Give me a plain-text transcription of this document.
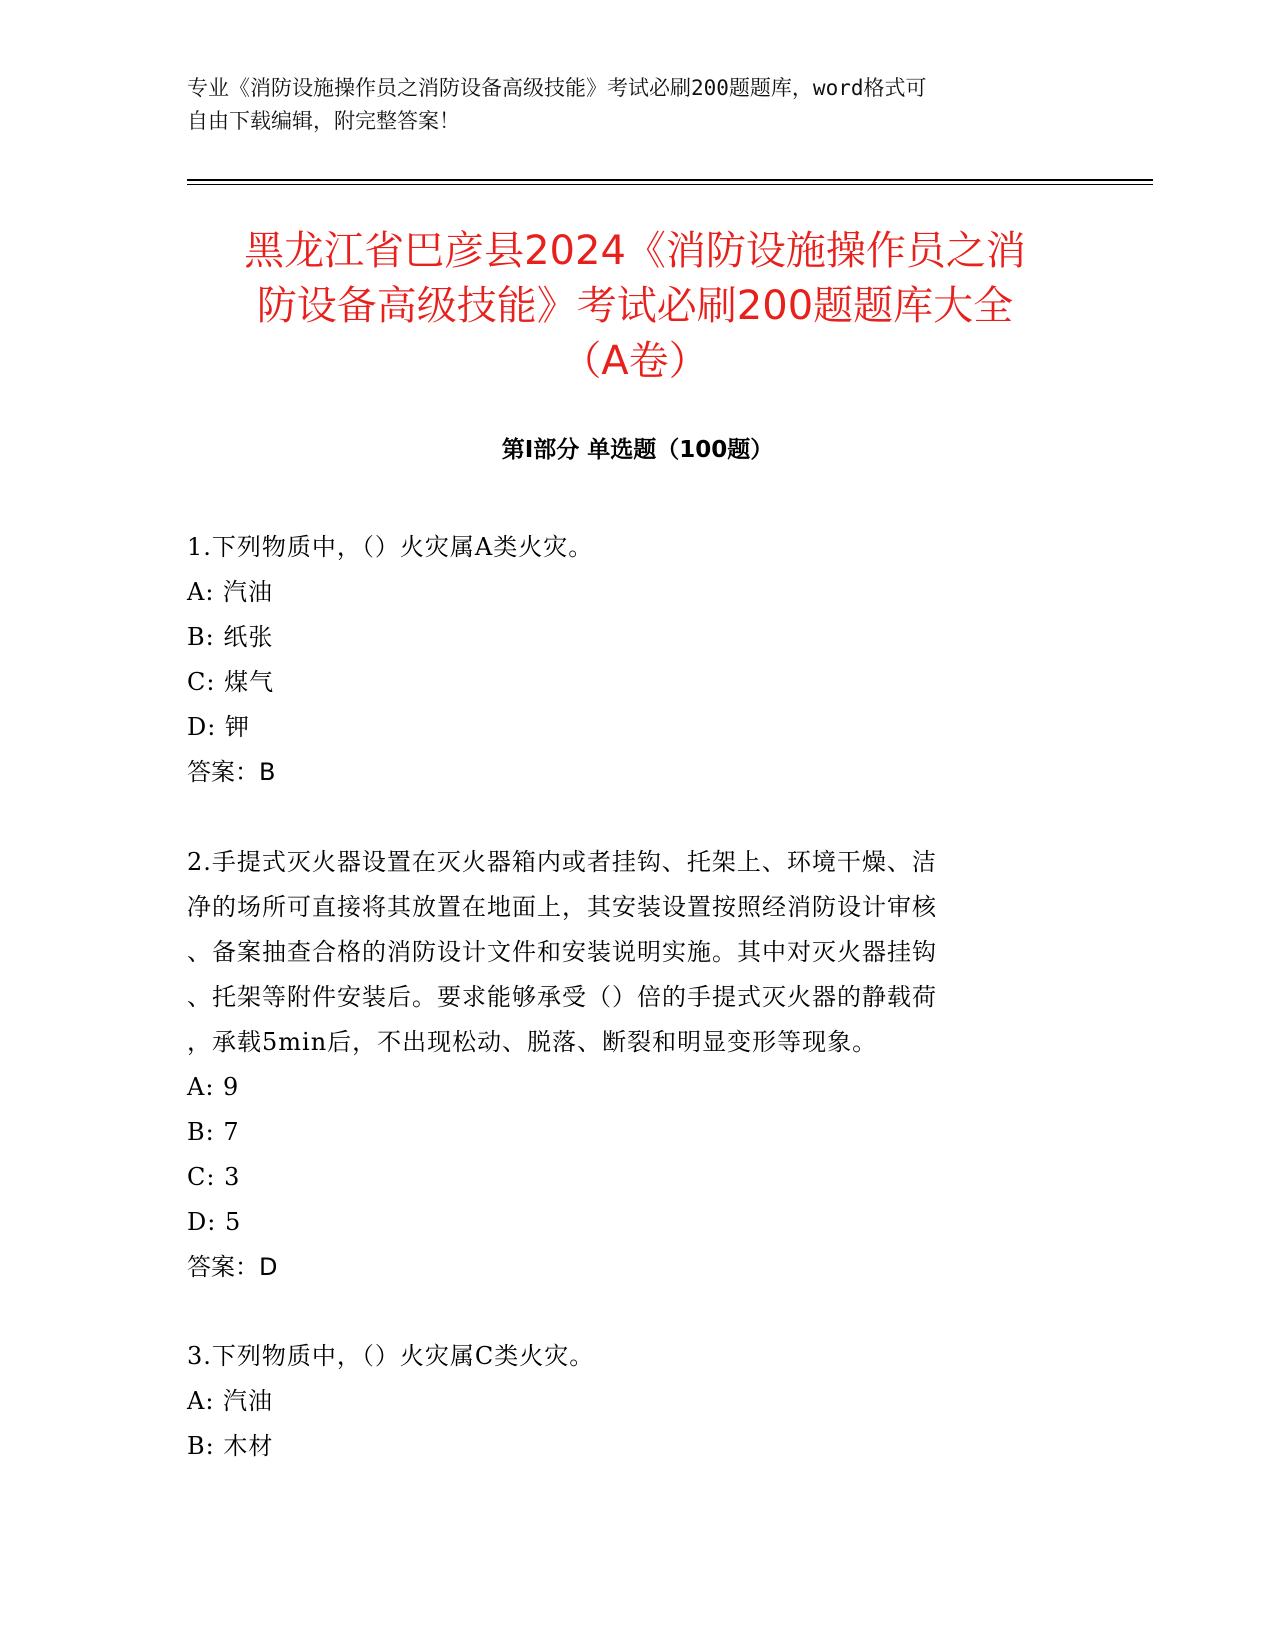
专业《消防设施操作员之消防设备高级技能》考试必刷200题题库，word格式可
自由下载编辑，附完整答案！
黑龙江省巴彦县2024《消防设施操作员之消
防设备高级技能》考试必刷200题题库大全
（A卷）
第Ⅰ部分 单选题（100题）
1.下列物质中，（）火灾属A类火灾。
A: 汽油
B: 纸张
C: 煤气
D: 钾
答案：B
2.手提式灭火器设置在灭火器箱内或者挂钩、托架上、环境干燥、洁
净的场所可直接将其放置在地面上，其安装设置按照经消防设计审核
、备案抽查合格的消防设计文件和安装说明实施。其中对灭火器挂钩
、托架等附件安装后。要求能够承受（）倍的手提式灭火器的静载荷
，承载5min后，不出现松动、脱落、断裂和明显变形等现象。
A: 9
B: 7
C: 3
D: 5
答案：D
3.下列物质中，（）火灾属C类火灾。
A: 汽油
B: 木材
